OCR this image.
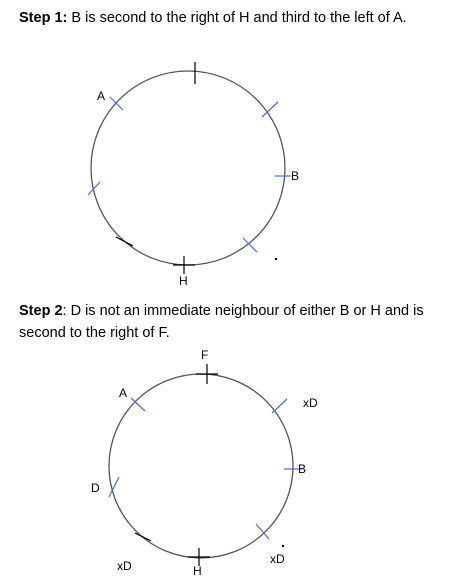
Step 1: B is second to the right of H and third to the left of A.

A
B
H

Step 2: D is not an immediate neighbour of either B or H and is second to the right of F.

F
A
xD
B
D
xD	H
xD
